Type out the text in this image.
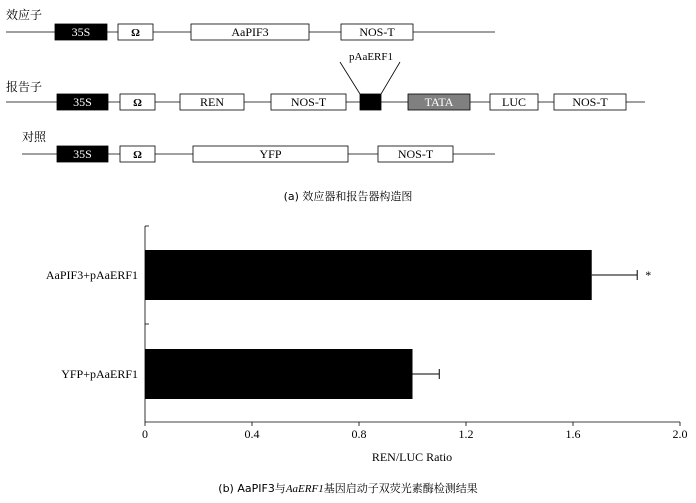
效应子
35S	Ω	AaPIF3	NOS-T
报告子
pAaERF1
35S	Ω	REN	NOS-T	TATA	LUC	NOS-T
对照
35S	Ω	YFP	NOS-T
(a) 效应器和报告器构造图
AaPIF3+pAaERF1	*
YFP+pAaERF1
0	0.4	0.8	1.2	1.6	2.0
REN/LUC Ratio
(b) AaPIF3与AaERF1基因启动子双荧光素酶检测结果
